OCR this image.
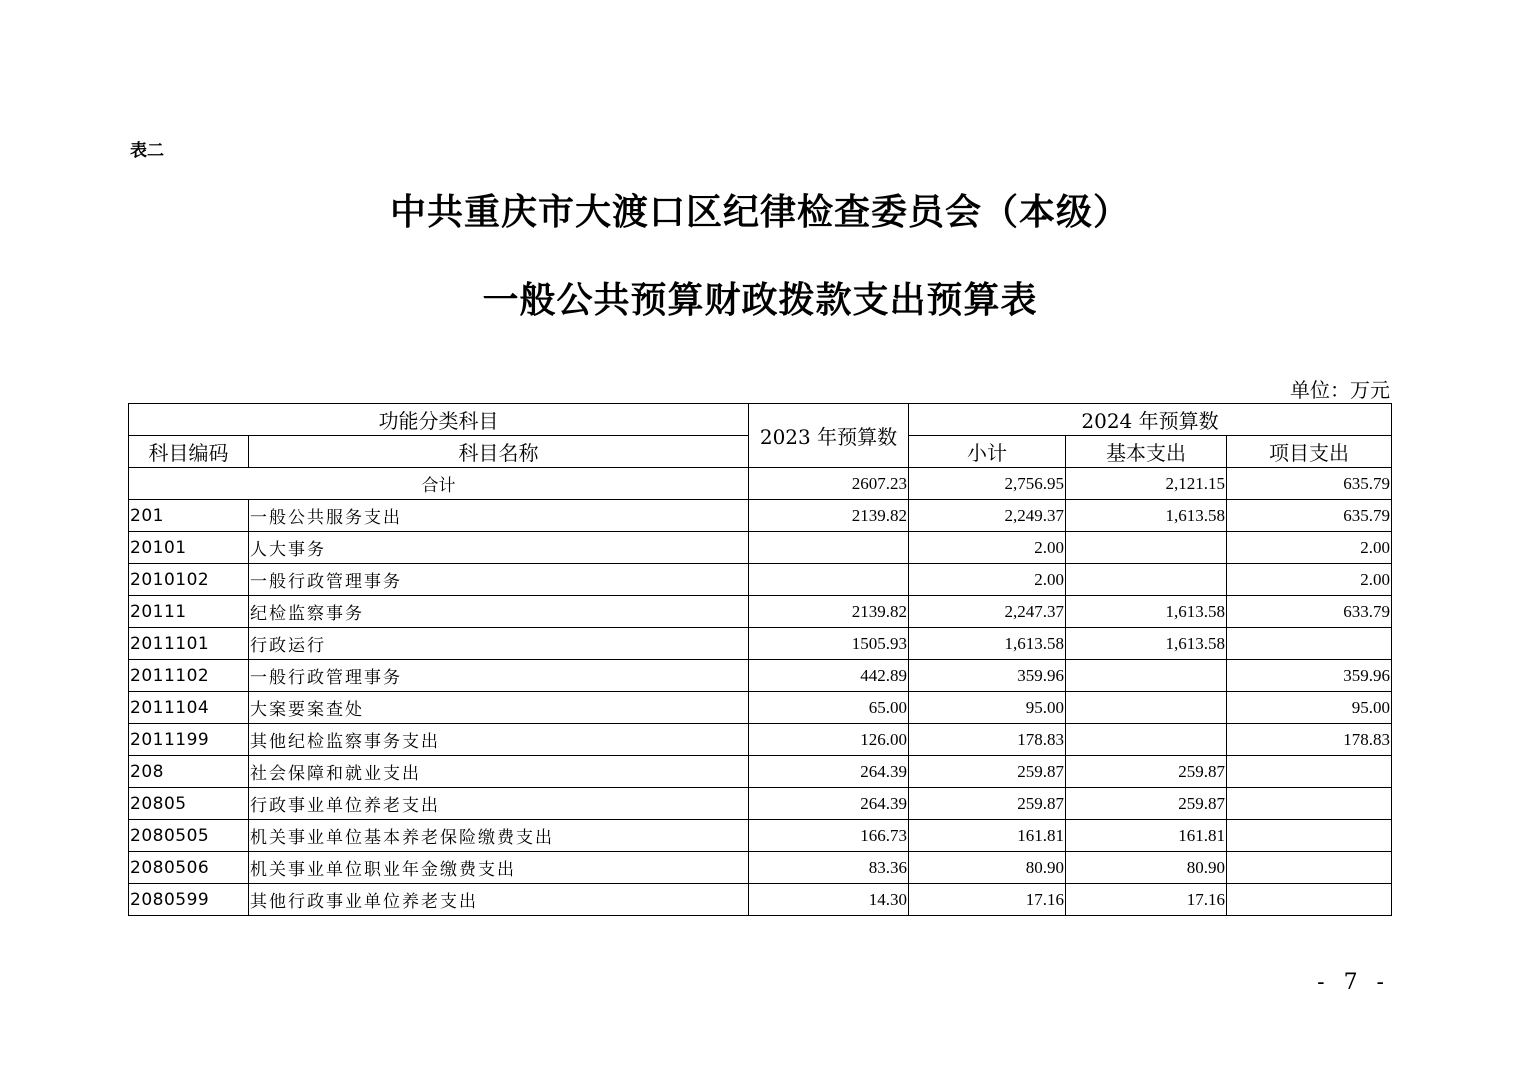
表二
中共重庆市大渡口区纪律检查委员会（本级）
一般公共预算财政拨款支出预算表
单位：万元
功能分类科目		2023 年预算数	2024 年预算数		
科目编码	科目名称		小计	基本支出	项目支出
合计		2607.23	2,756.95	2,121.15	635.79
201	一般公共服务支出	2139.82	2,249.37	1,613.58	635.79
20101	人大事务		2.00		2.00
2010102	一般行政管理事务		2.00		2.00
20111	纪检监察事务	2139.82	2,247.37	1,613.58	633.79
2011101	行政运行	1505.93	1,613.58	1,613.58	
2011102	一般行政管理事务	442.89	359.96		359.96
2011104	大案要案查处	65.00	95.00		95.00
2011199	其他纪检监察事务支出	126.00	178.83		178.83
208	社会保障和就业支出	264.39	259.87	259.87	
20805	行政事业单位养老支出	264.39	259.87	259.87	
2080505	机关事业单位基本养老保险缴费支出	166.73	161.81	161.81	
2080506	机关事业单位职业年金缴费支出	83.36	80.90	80.90	
2080599	其他行政事业单位养老支出	14.30	17.16	17.16	
- 7 -
